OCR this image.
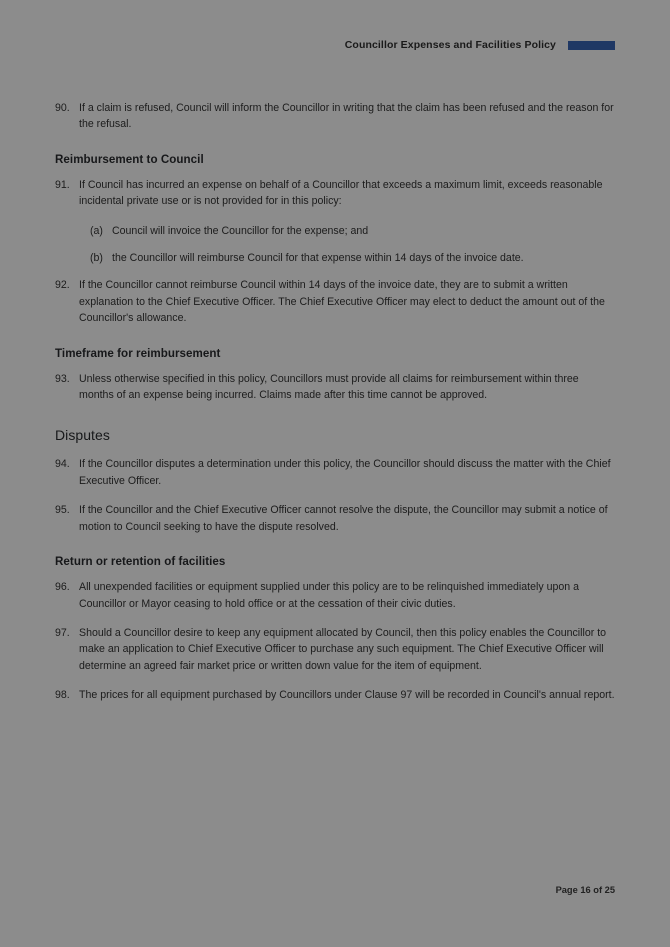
Councillor Expenses and Facilities Policy
90. If a claim is refused, Council will inform the Councillor in writing that the claim has been refused and the reason for the refusal.
Reimbursement to Council
91. If Council has incurred an expense on behalf of a Councillor that exceeds a maximum limit, exceeds reasonable incidental private use or is not provided for in this policy:
(a) Council will invoice the Councillor for the expense; and
(b) the Councillor will reimburse Council for that expense within 14 days of the invoice date.
92. If the Councillor cannot reimburse Council within 14 days of the invoice date, they are to submit a written explanation to the Chief Executive Officer. The Chief Executive Officer may elect to deduct the amount out of the Councillor's allowance.
Timeframe for reimbursement
93. Unless otherwise specified in this policy, Councillors must provide all claims for reimbursement within three months of an expense being incurred. Claims made after this time cannot be approved.
Disputes
94. If the Councillor disputes a determination under this policy, the Councillor should discuss the matter with the Chief Executive Officer.
95. If the Councillor and the Chief Executive Officer cannot resolve the dispute, the Councillor may submit a notice of motion to Council seeking to have the dispute resolved.
Return or retention of facilities
96. All unexpended facilities or equipment supplied under this policy are to be relinquished immediately upon a Councillor or Mayor ceasing to hold office or at the cessation of their civic duties.
97. Should a Councillor desire to keep any equipment allocated by Council, then this policy enables the Councillor to make an application to Chief Executive Officer to purchase any such equipment. The Chief Executive Officer will determine an agreed fair market price or written down value for the item of equipment.
98. The prices for all equipment purchased by Councillors under Clause 97 will be recorded in Council's annual report.
Page 16 of 25
